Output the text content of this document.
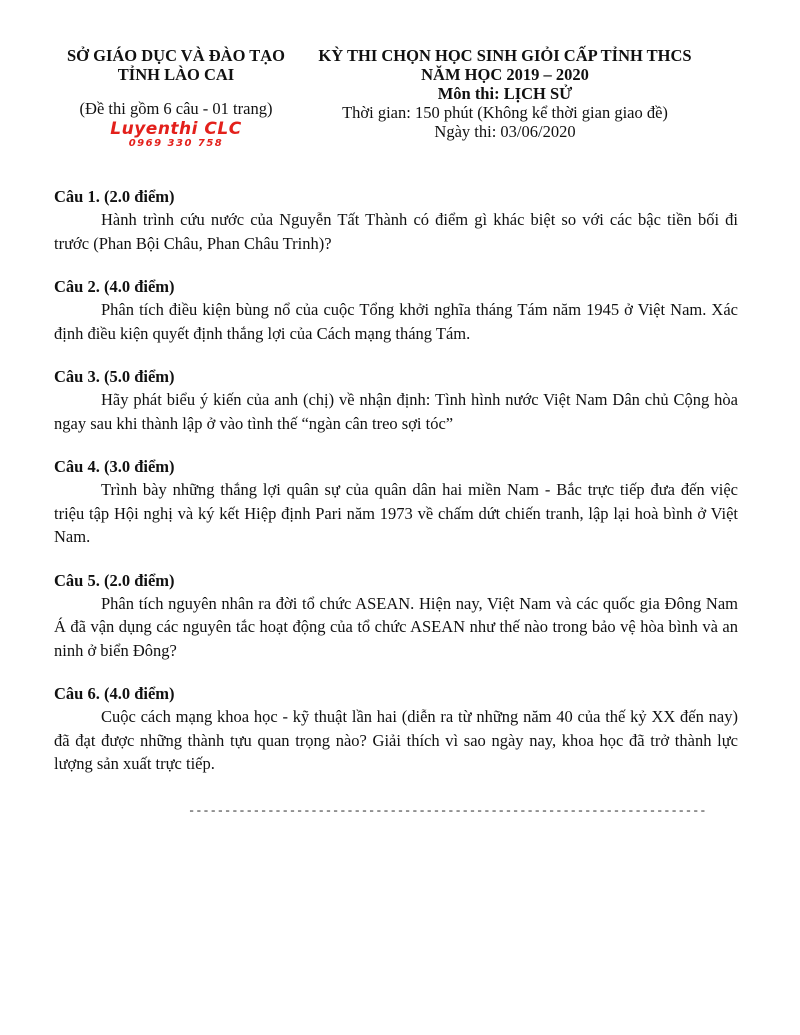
SỞ GIÁO DỤC VÀ ĐÀO TẠO
TỈNH LÀO CAI
(Đề thi gồm 6 câu - 01 trang)
Luyenthi CLC
0969 330 758
KỲ THI CHỌN HỌC SINH GIỎI CẤP TỈNH THCS
NĂM HỌC 2019 – 2020
Môn thi: LỊCH SỬ
Thời gian: 150 phút (Không kể thời gian giao đề)
Ngày thi: 03/06/2020
Câu 1. (2.0 điểm)
Hành trình cứu nước của Nguyễn Tất Thành có điểm gì khác biệt so với các bậc tiền bối đi trước (Phan Bội Châu, Phan Châu Trinh)?
Câu 2. (4.0 điểm)
Phân tích điều kiện bùng nổ của cuộc Tổng khởi nghĩa tháng Tám năm 1945 ở Việt Nam. Xác định điều kiện quyết định thắng lợi của Cách mạng tháng Tám.
Câu 3. (5.0 điểm)
Hãy phát biểu ý kiến của anh (chị) về nhận định: Tình hình nước Việt Nam Dân chủ Cộng hòa ngay sau khi thành lập ở vào tình thế “ngàn cân treo sợi tóc”
Câu 4. (3.0 điểm)
Trình bày những thắng lợi quân sự của quân dân hai miền Nam - Bắc trực tiếp đưa đến việc triệu tập Hội nghị và ký kết Hiệp định Pari năm 1973 về chấm dứt chiến tranh, lập lại hoà bình ở Việt Nam.
Câu 5. (2.0 điểm)
Phân tích nguyên nhân ra đời tổ chức ASEAN. Hiện nay, Việt Nam và các quốc gia Đông Nam Á đã vận dụng các nguyên tắc hoạt động của tổ chức ASEAN như thế nào trong bảo vệ hòa bình và an ninh ở biển Đông?
Câu 6. (4.0 điểm)
Cuộc cách mạng khoa học - kỹ thuật lần hai (diễn ra từ những năm 40 của thế kỷ XX đến nay) đã đạt được những thành tựu quan trọng nào? Giải thích vì sao ngày nay, khoa học đã trở thành lực lượng sản xuất trực tiếp.
------------------------------------------------------------------------
